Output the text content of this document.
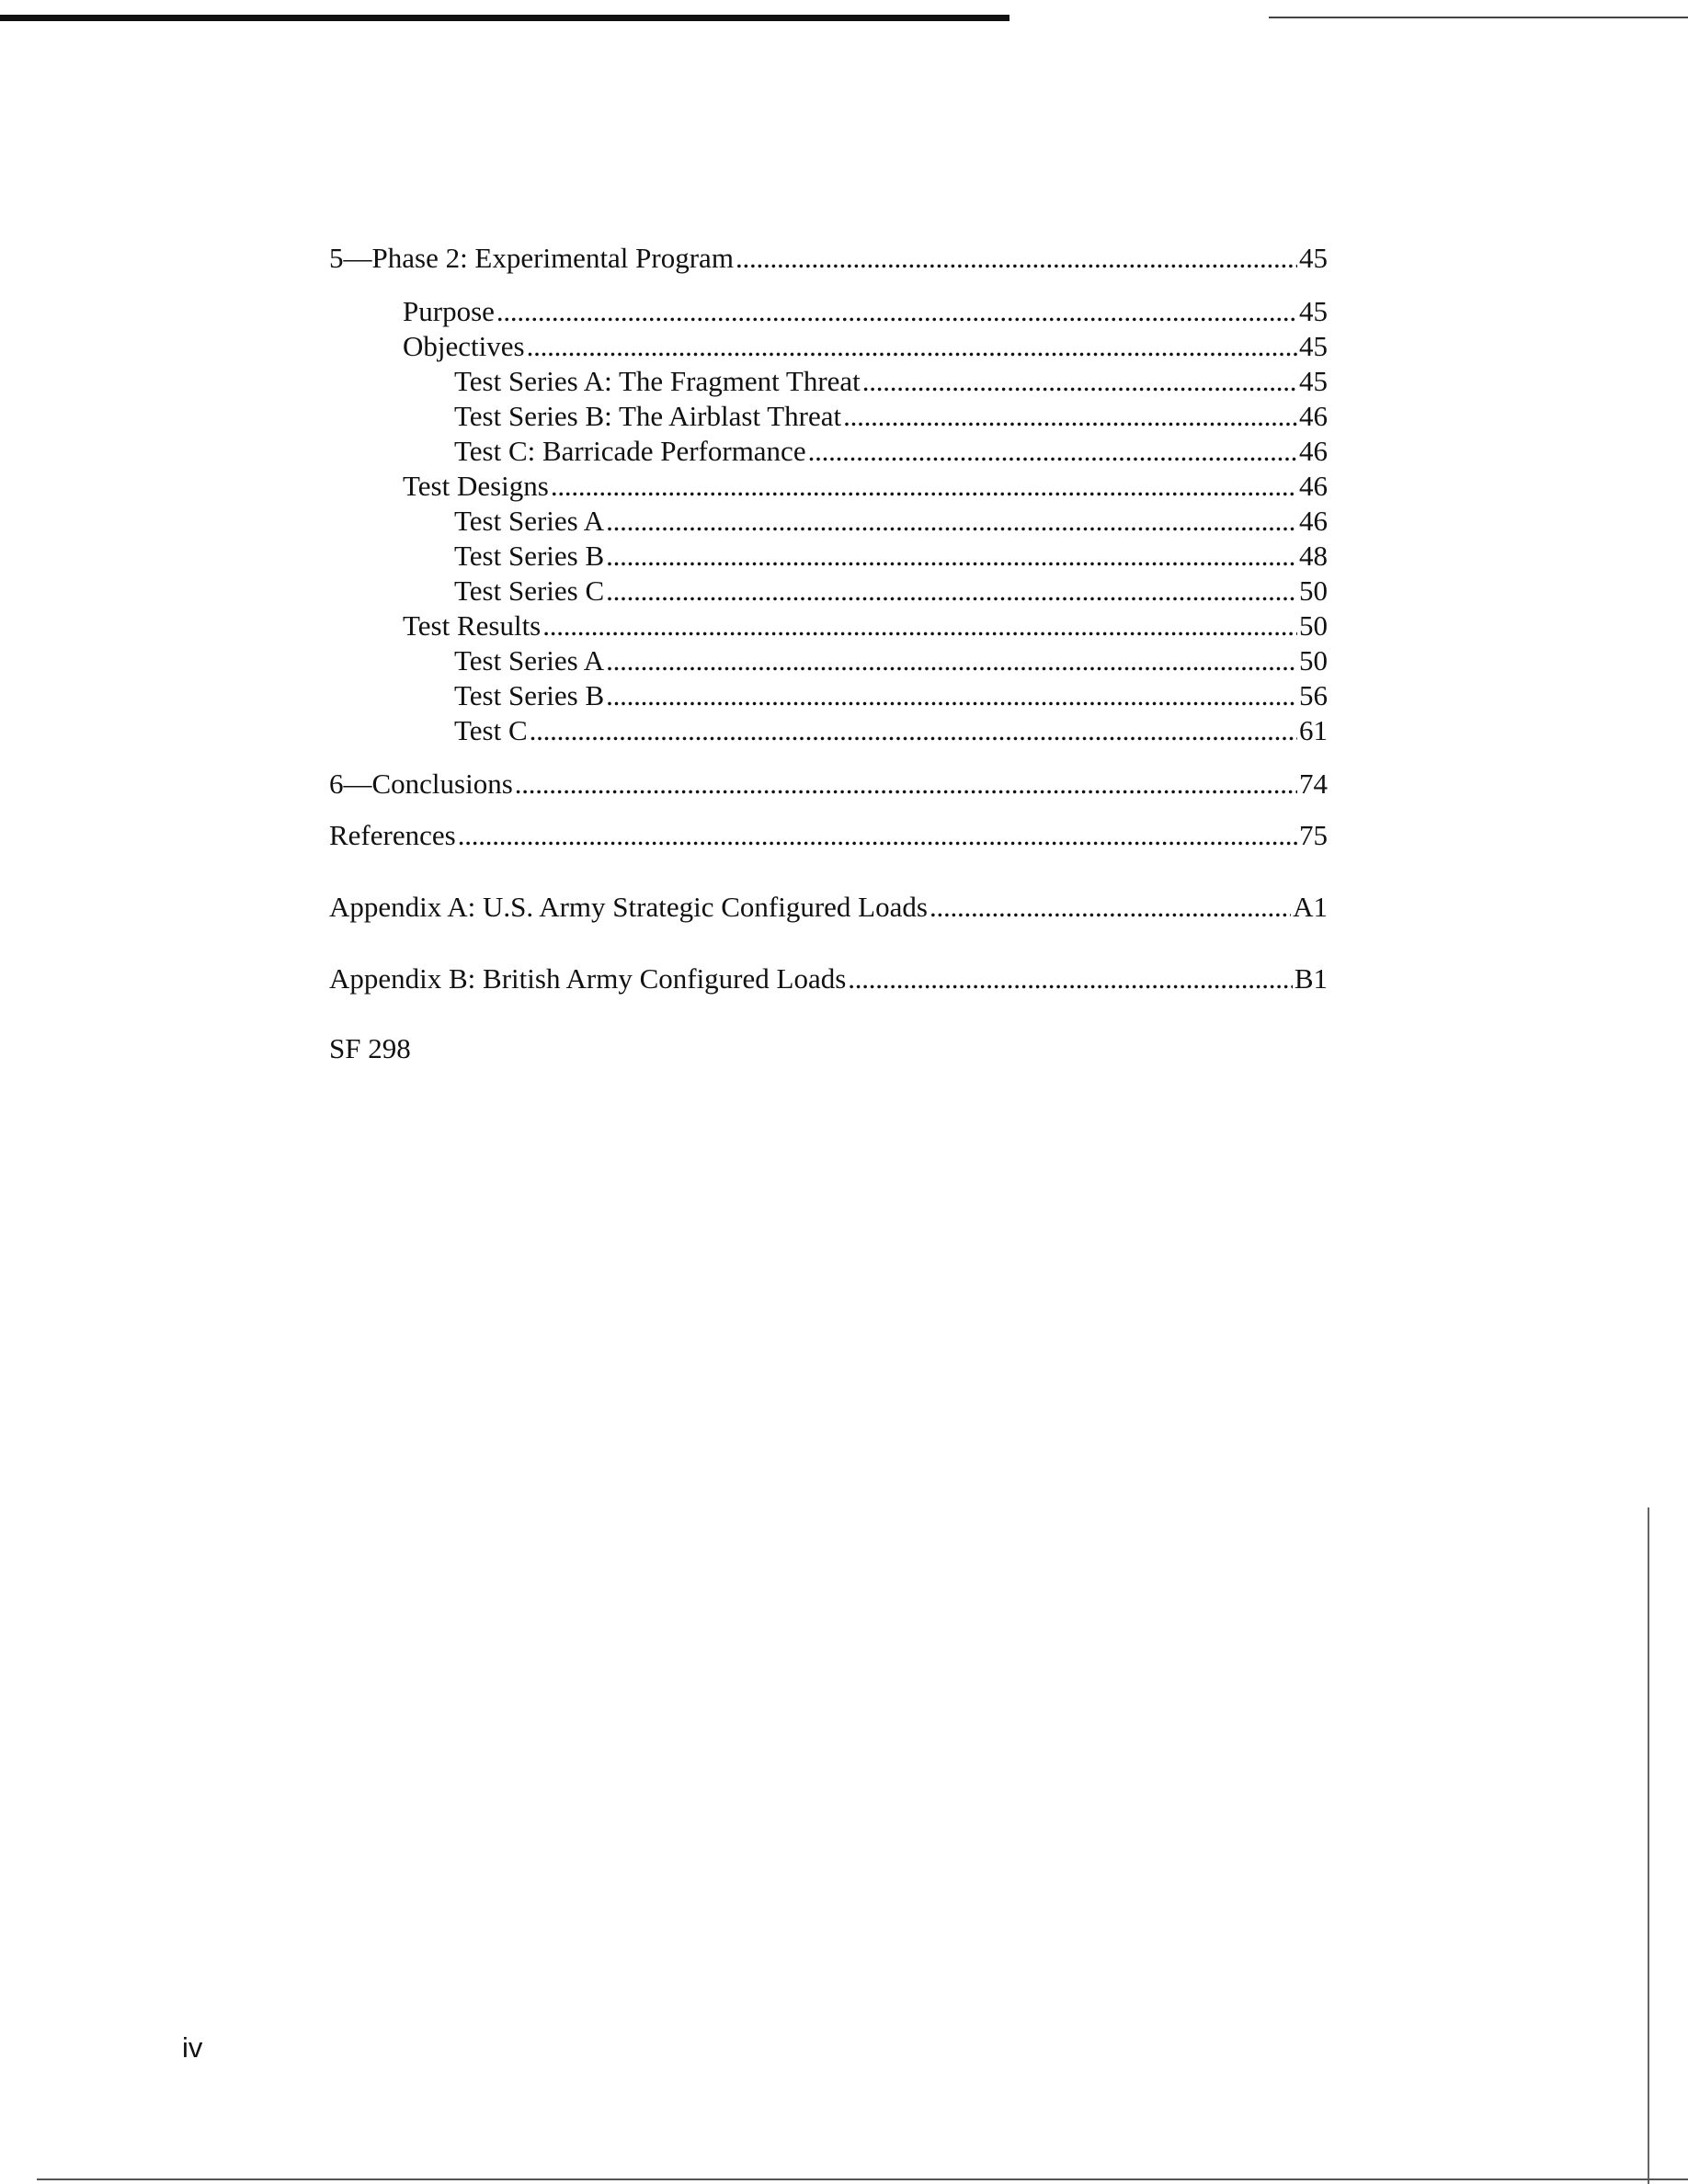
5—Phase 2: Experimental Program . . .	45
Purpose . . .	45
Objectives . . .	45
Test Series A: The Fragment Threat . . .	45
Test Series B: The Airblast Threat . . .	46
Test C: Barricade Performance . . .	46
Test Designs . . .	46
Test Series A . . .	46
Test Series B . . .	48
Test Series C . . .	50
Test Results . . .	50
Test Series A . . .	50
Test Series B . . .	56
Test C . . .	61
6—Conclusions . . .	74
References . . .	75
Appendix A: U.S. Army Strategic Configured Loads . . .	A1
Appendix B: British Army Configured Loads . . .	B1
SF 298
iv
